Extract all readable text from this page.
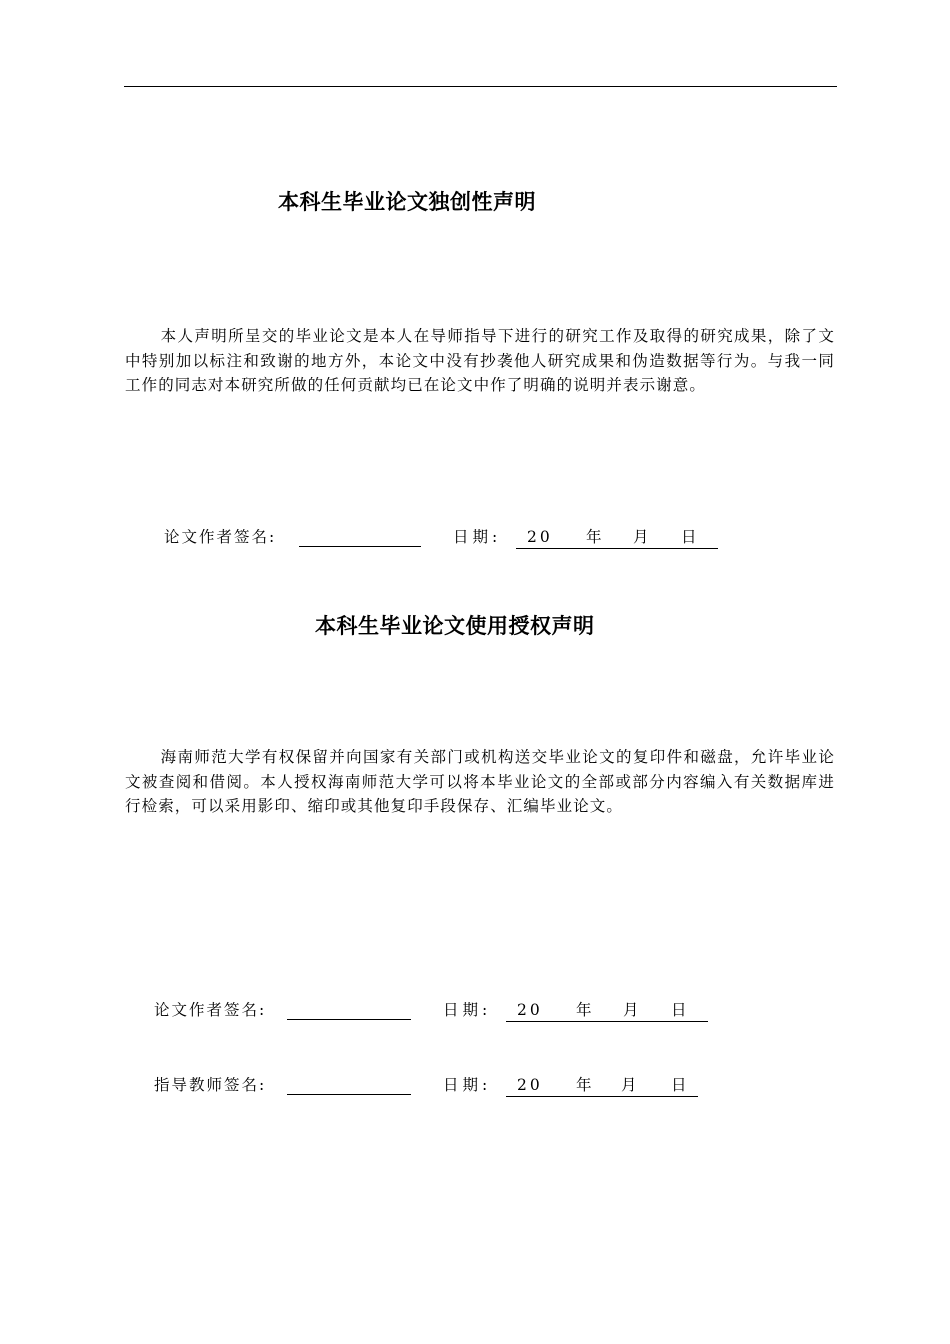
本科生毕业论文独创性声明

本人声明所呈交的毕业论文是本人在导师指导下进行的研究工作及取得的研究成果，除了文中特别加以标注和致谢的地方外，本论文中没有抄袭他人研究成果和伪造数据等行为。与我一同工作的同志对本研究所做的任何贡献均已在论文中作了明确的说明并表示谢意。

论文作者签名:	日期: 20 年 月 日
本科生毕业论文使用授权声明

海南师范大学有权保留并向国家有关部门或机构送交毕业论文的复印件和磁盘，允许毕业论文被查阅和借阅。本人授权海南师范大学可以将本毕业论文的全部或部分内容编入有关数据库进行检索，可以采用影印、缩印或其他复印手段保存、汇编毕业论文。

论文作者签名:	日期: 20 年 月 日
指导教师签名:	日期: 20 年 月 日
